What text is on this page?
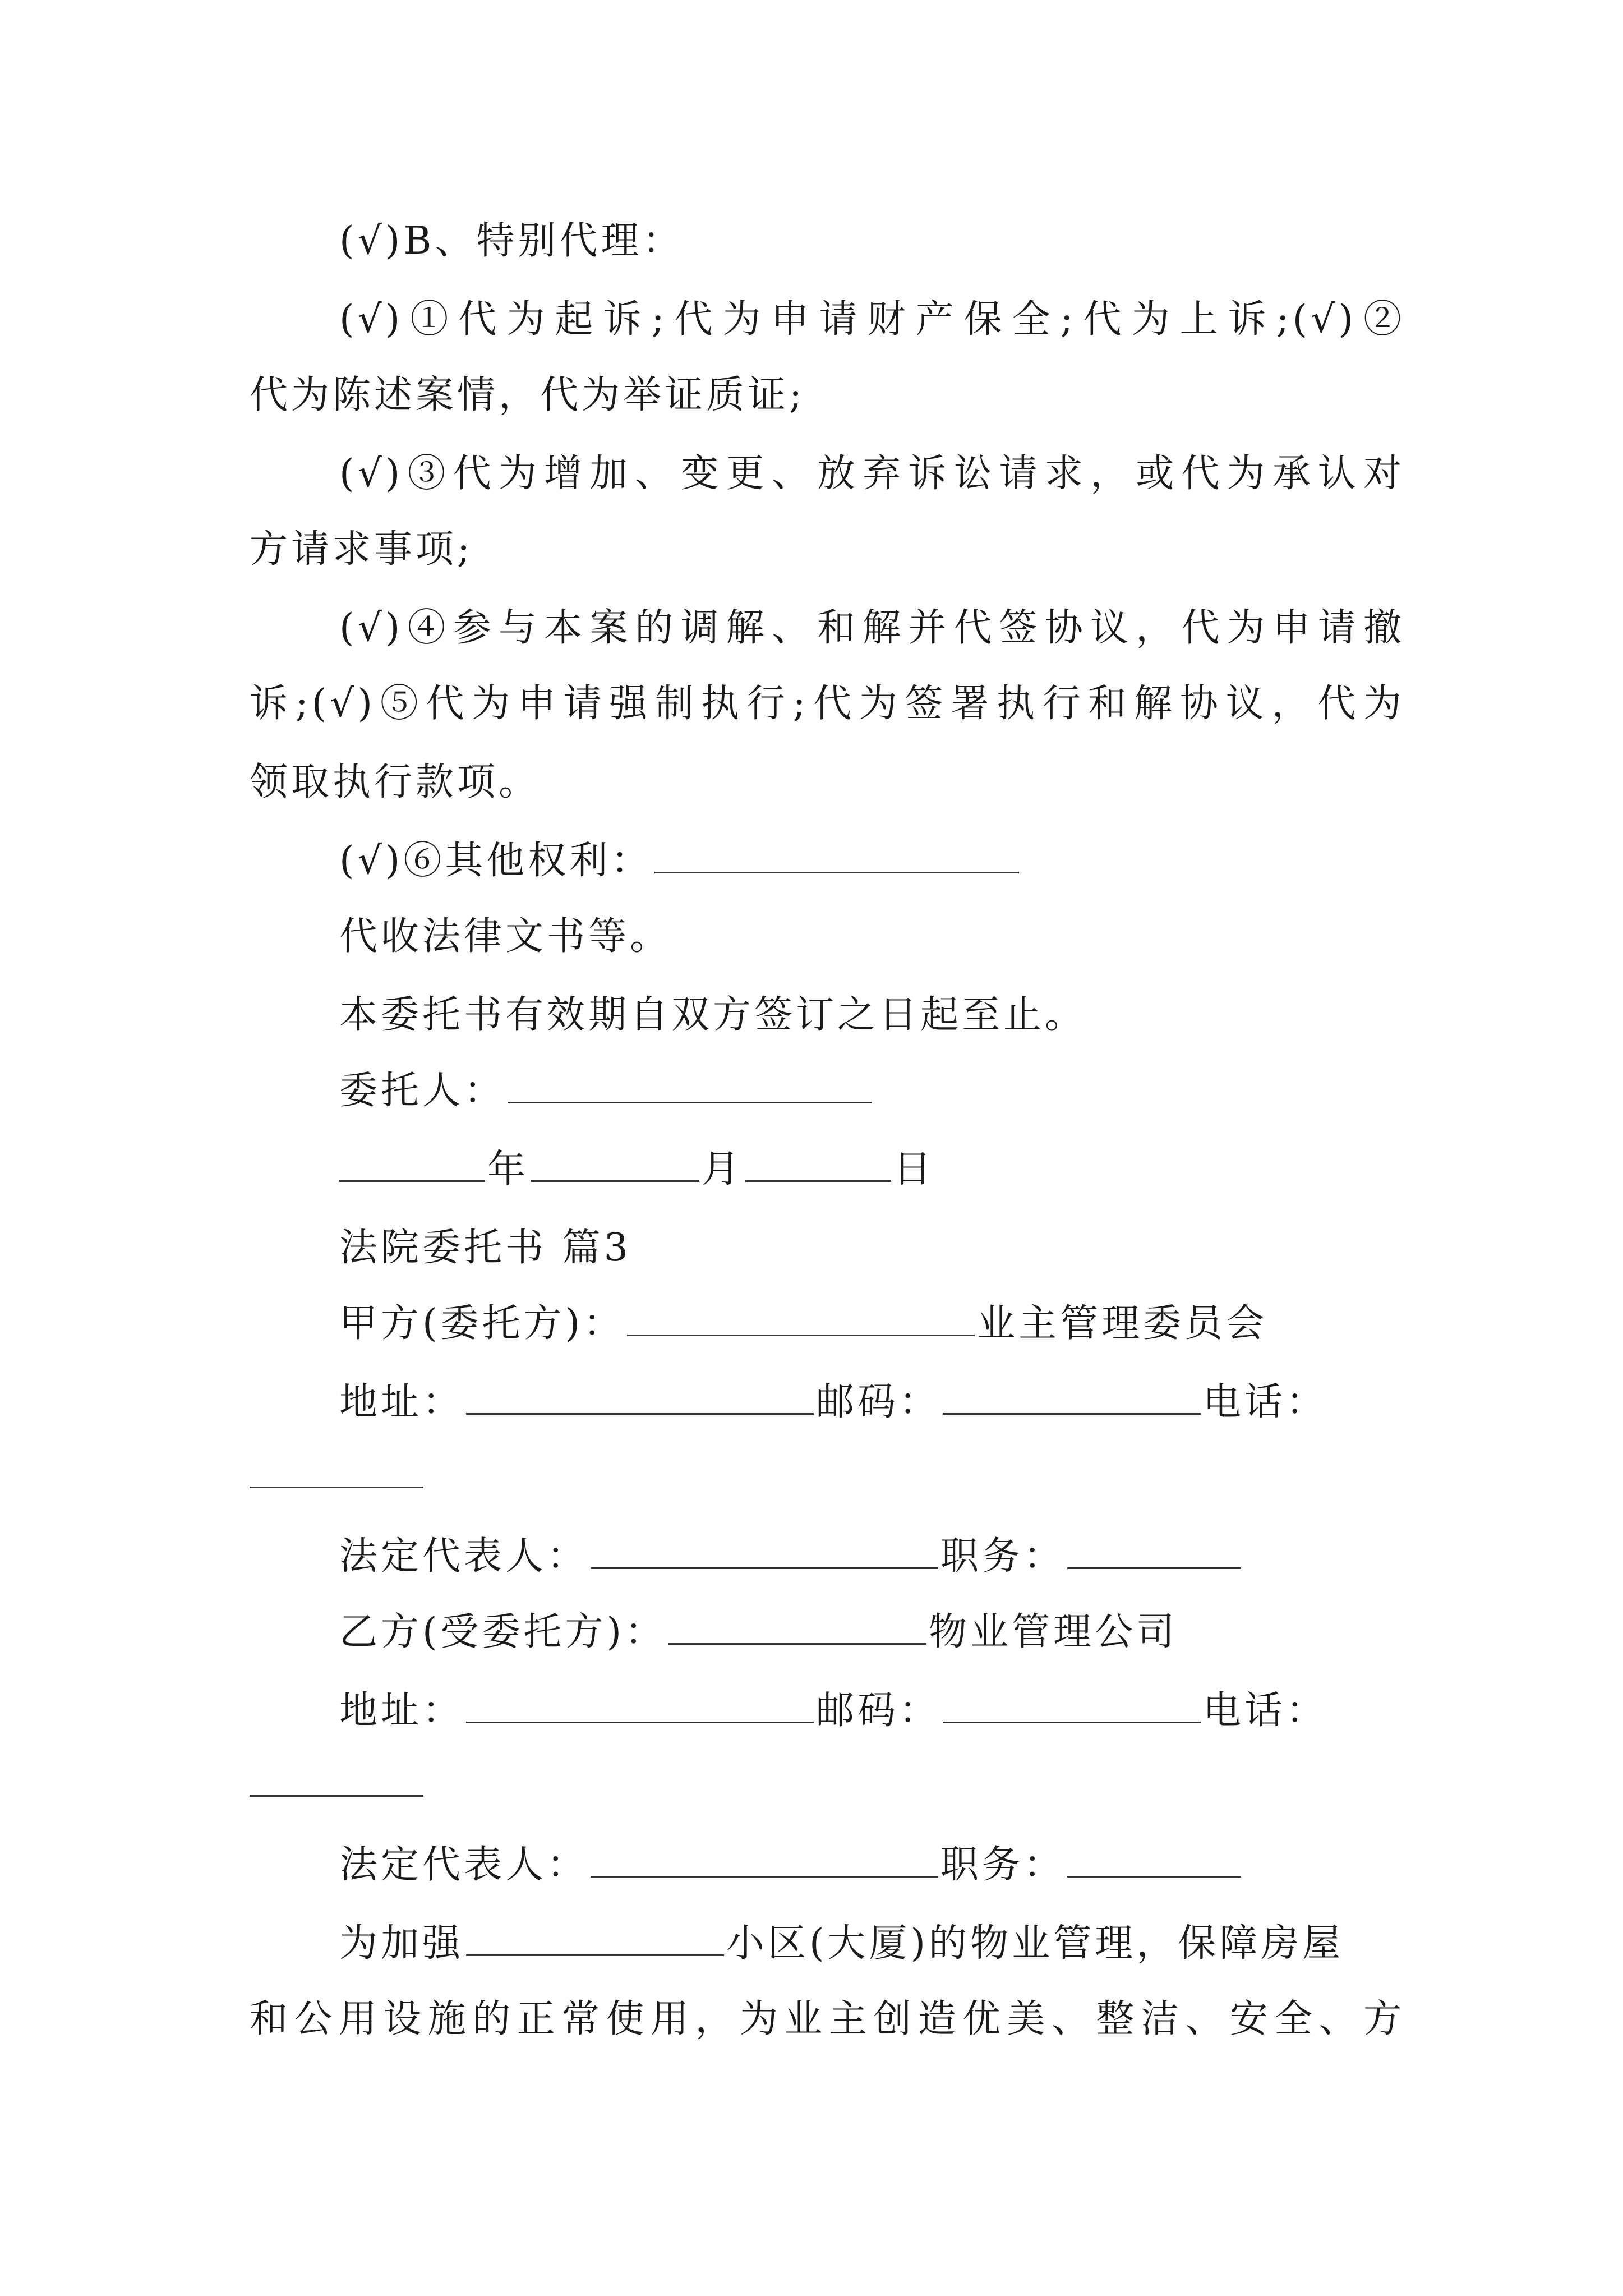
(√)B、特别代理：
(√)①代为起诉;代为申请财产保全;代为上诉;(√)②
代为陈述案情，代为举证质证;
(√)③代为增加、变更、放弃诉讼请求，或代为承认对
方请求事项;
(√)④参与本案的调解、和解并代签协议，代为申请撤
诉;(√)⑤代为申请强制执行;代为签署执行和解协议，代为
领取执行款项。
(√)⑥其他权利：
代收法律文书等。
本委托书有效期自双方签订之日起至止。
委托人：
年	月	日
法院委托书 篇3
甲方(委托方)：	业主管理委员会
地址：	邮码：	电话：
法定代表人：	职务：
乙方(受委托方)：	物业管理公司
地址：	邮码：	电话：
法定代表人：	职务：
为加强	小区(大厦)的物业管理，保障房屋
和公用设施的正常使用，为业主创造优美、整洁、安全、方
